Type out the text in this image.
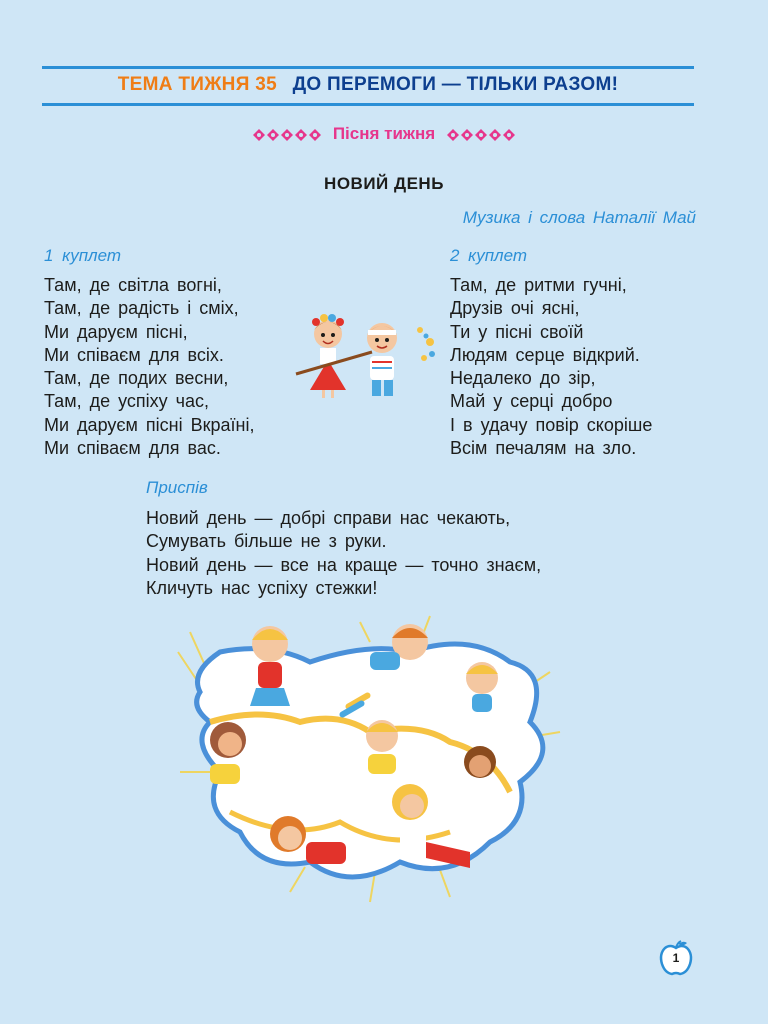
ТЕМА ТИЖНЯ 35 ДО ПЕРЕМОГИ — ТІЛЬКИ РАЗОМ!
Пісня тижня
НОВИЙ ДЕНЬ
Музика і слова Наталії Май
1 куплет
Там, де світла вогні,
Там, де радість і сміх,
Ми даруєм пісні,
Ми співаєм для всіх.
Там, де подих весни,
Там, де успіху час,
Ми даруєм пісні Вкраїні,
Ми співаєм для вас.
2 куплет
Там, де ритми гучні,
Друзів очі ясні,
Ти у пісні своїй
Людям серце відкрий.
Недалеко до зір,
Май у серці добро
І в удачу повір скоріше
Всім печалям на зло.
Приспів
Новий день — добрі справи нас чекають,
Сумувать більше не з руки.
Новий день — все на краще — точно знаєм,
Кличуть нас успіху стежки!
1
